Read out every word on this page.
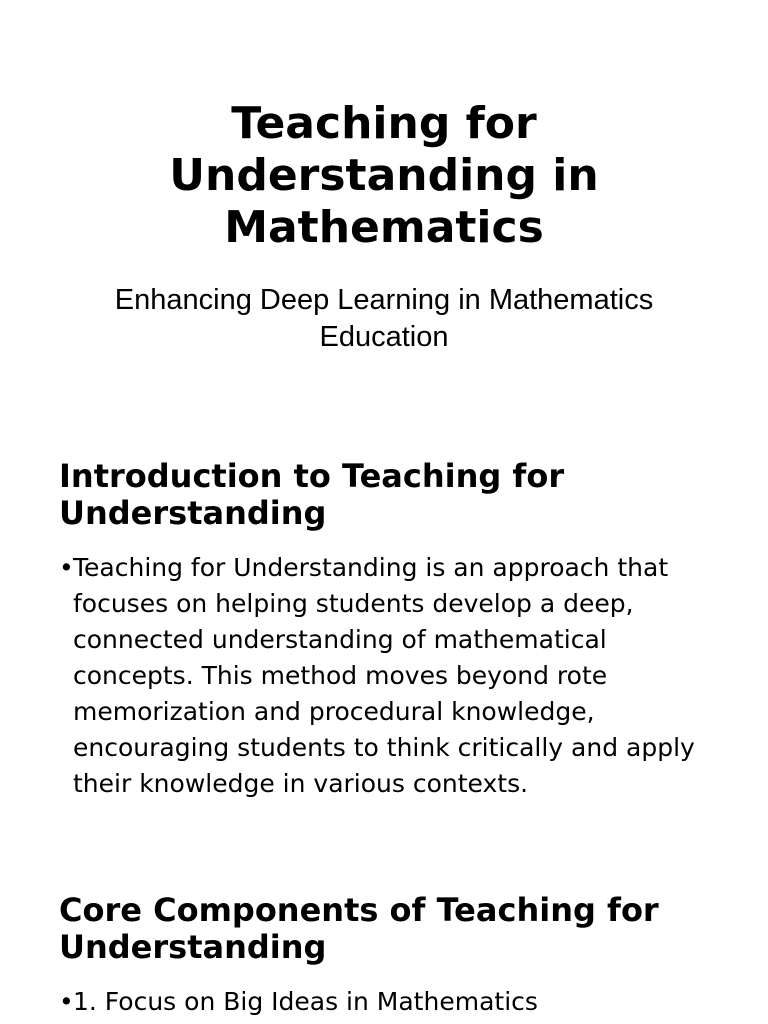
Teaching for Understanding in Mathematics

Enhancing Deep Learning in Mathematics Education

Introduction to Teaching for Understanding
• Teaching for Understanding is an approach that focuses on helping students develop a deep, connected understanding of mathematical concepts. This method moves beyond rote memorization and procedural knowledge, encouraging students to think critically and apply their knowledge in various contexts.
Core Components of Teaching for Understanding
• 1. Focus on Big Ideas in Mathematics
